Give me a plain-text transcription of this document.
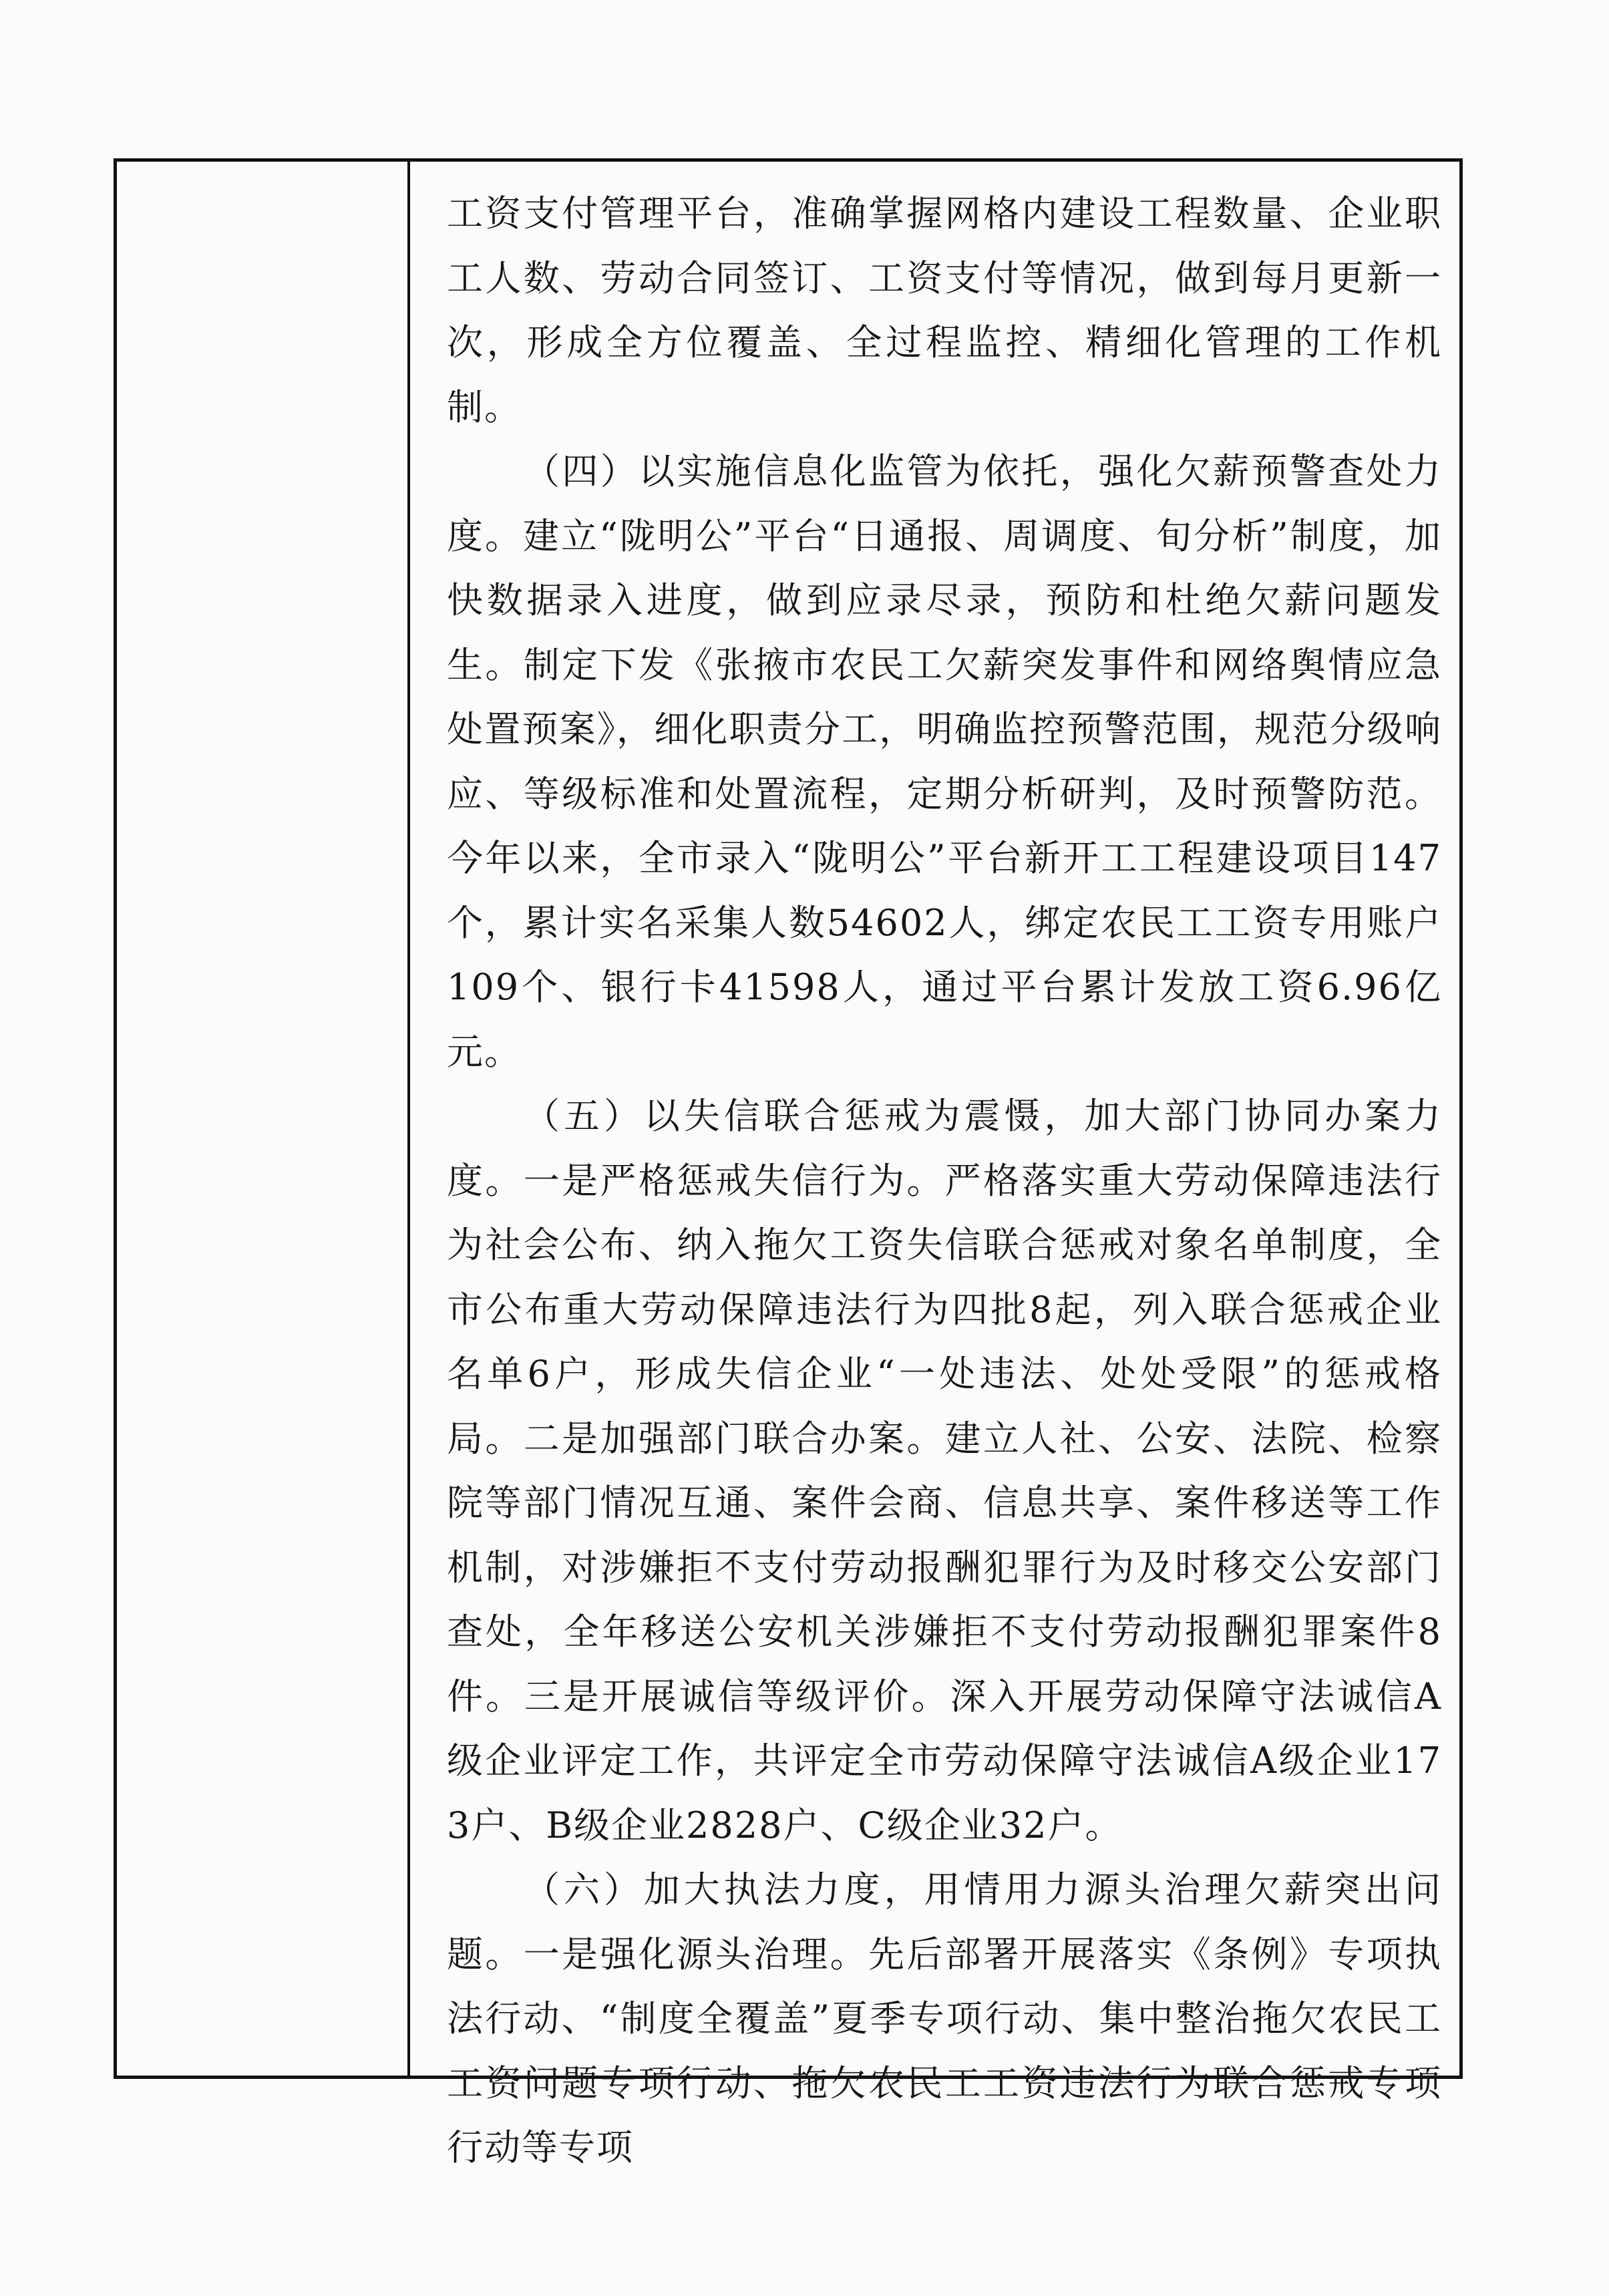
工资支付管理平台，准确掌握网格内建设工程数量、企业职工人数、劳动合同签订、工资支付等情况，做到每月更新一次，形成全方位覆盖、全过程监控、精细化管理的工作机制。

（四）以实施信息化监管为依托，强化欠薪预警查处力度。建立“陇明公”平台“日通报、周调度、旬分析”制度，加快数据录入进度，做到应录尽录，预防和杜绝欠薪问题发生。制定下发《张掖市农民工欠薪突发事件和网络舆情应急处置预案》，细化职责分工，明确监控预警范围，规范分级响应、等级标准和处置流程，定期分析研判，及时预警防范。今年以来，全市录入“陇明公”平台新开工工程建设项目147个，累计实名采集人数54602人，绑定农民工工资专用账户109个、银行卡41598人，通过平台累计发放工资6.96亿元。

（五）以失信联合惩戒为震慑，加大部门协同办案力度。一是严格惩戒失信行为。严格落实重大劳动保障违法行为社会公布、纳入拖欠工资失信联合惩戒对象名单制度，全市公布重大劳动保障违法行为四批8起，列入联合惩戒企业名单6户，形成失信企业“一处违法、处处受限”的惩戒格局。二是加强部门联合办案。建立人社、公安、法院、检察院等部门情况互通、案件会商、信息共享、案件移送等工作机制，对涉嫌拒不支付劳动报酬犯罪行为及时移交公安部门查处，全年移送公安机关涉嫌拒不支付劳动报酬犯罪案件8件。三是开展诚信等级评价。深入开展劳动保障守法诚信A级企业评定工作，共评定全市劳动保障守法诚信A级企业173户、B级企业2828户、C级企业32户。

（六）加大执法力度，用情用力源头治理欠薪突出问题。一是强化源头治理。先后部署开展落实《条例》专项执法行动、“制度全覆盖”夏季专项行动、集中整治拖欠农民工工资问题专项行动、拖欠农民工工资违法行为联合惩戒专项行动等专项
